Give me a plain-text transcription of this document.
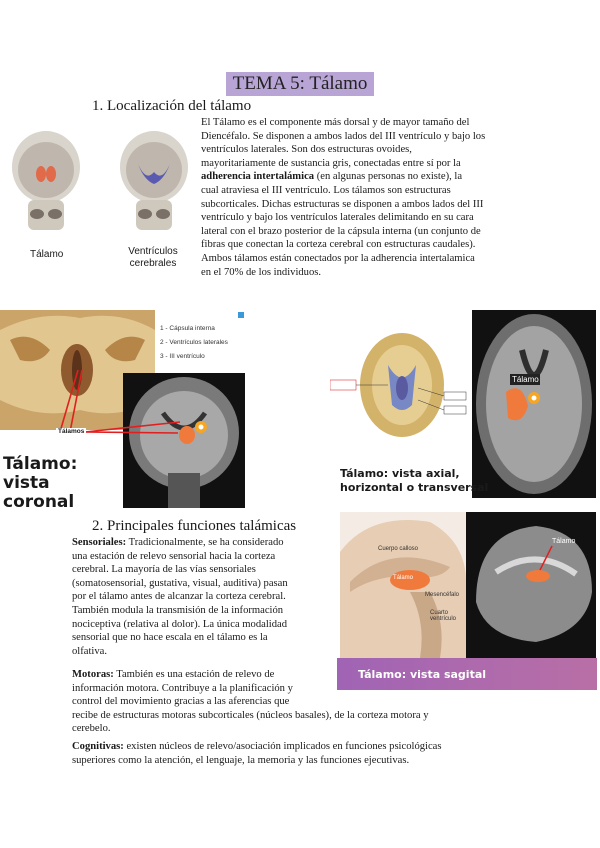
TEMA 5: Tálamo
1. Localización del tálamo
Tálamo	Ventrículos
cerebrales
El Tálamo es el componente más dorsal y de mayor tamaño del
Diencéfalo. Se disponen a ambos lados del III ventrículo y bajo los
ventrículos laterales. Son dos estructuras ovoides,
mayoritariamente de sustancia gris, conectadas entre sí por la
adherencia intertalámica (en algunas personas no existe), la
cual atraviesa el III ventrículo. Los tálamos son estructuras
subcorticales. Dichas estructuras se disponen a ambos lados del III
ventrículo y bajo los ventrículos laterales delimitando en su cara
lateral con el brazo posterior de la cápsula interna (un conjunto de
fibras que conectan la corteza cerebral con estructuras caudales).
Ambos tálamos están conectados por la adherencia intertalamica
en el 70% de los individuos.
1 - Cápsula interna
2 - Ventrículos laterales
3 - III ventrículo
Tálamos
Tálamo:
vista
coronal
Tálamo
Tálamo: vista axial,
horizontal o transversal
2. Principales funciones talámicas
Tálamo
Cuerpo calloso
Mesencéfalo
Cuarto ventrículo
Tálamo
Tálamo: vista sagital
Sensoriales: Tradicionalmente, se ha considerado
una estación de relevo sensorial hacia la corteza
cerebral. La mayoría de las vías sensoriales
(somatosensorial, gustativa, visual, auditiva) pasan
por el tálamo antes de alcanzar la corteza cerebral.
También modula la transmisión de la información
nociceptiva (relativa al dolor). La única modalidad
sensorial que no hace escala en el tálamo es la
olfativa.
Motoras: También es una estación de relevo de
información motora. Contribuye a la planificación y
control del movimiento gracias a las aferencias que
recibe de estructuras motoras subcorticales (núcleos basales), de la corteza motora y
cerebelo.
Cognitivas: existen núcleos de relevo/asociación implicados en funciones psicológicas
superiores como la atención, el lenguaje, la memoria y las funciones ejecutivas.
